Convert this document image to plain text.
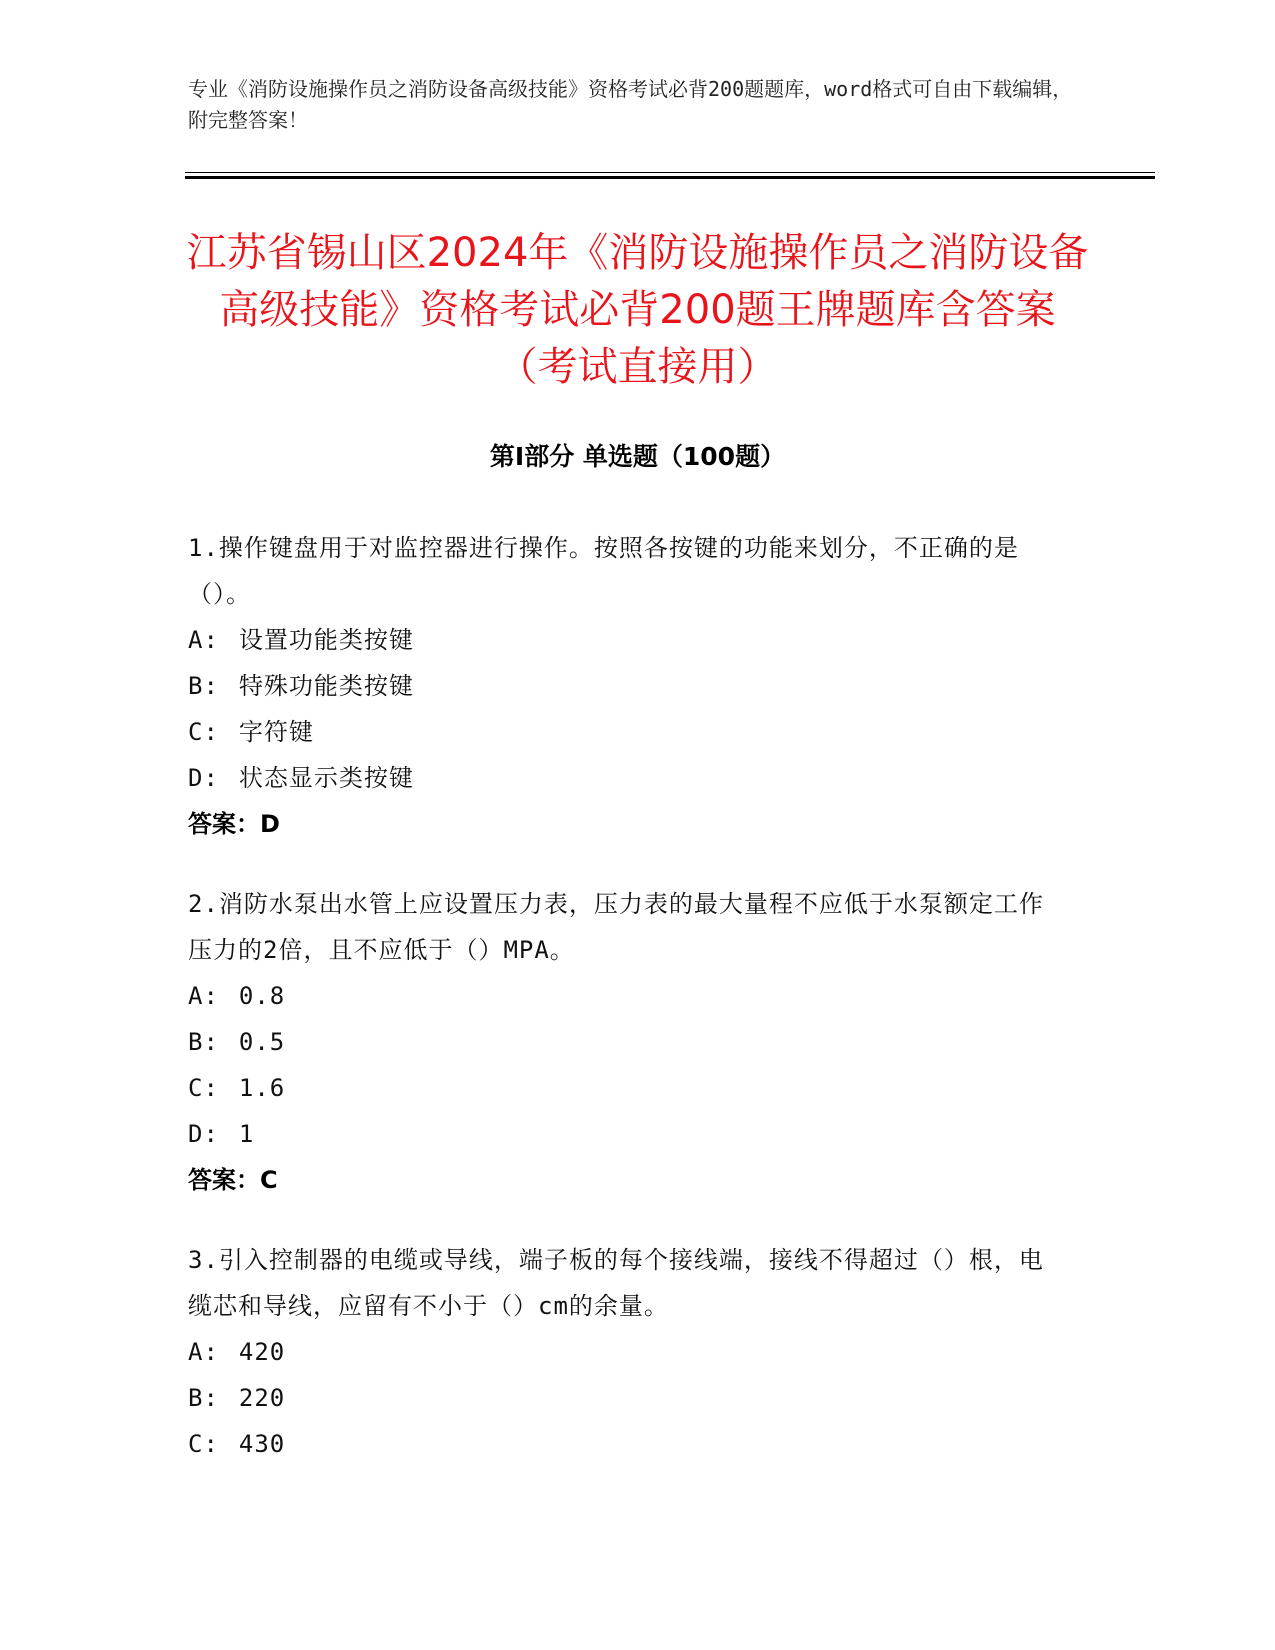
专业《消防设施操作员之消防设备高级技能》资格考试必背200题题库，word格式可自由下载编辑，附完整答案！
江苏省锡山区2024年《消防设施操作员之消防设备高级技能》资格考试必背200题王牌题库含答案（考试直接用）
第Ⅰ部分 单选题（100题）
1.操作键盘用于对监控器进行操作。按照各按键的功能来划分，不正确的是（）。
A: 设置功能类按键
B: 特殊功能类按键
C: 字符键
D: 状态显示类按键
答案：D
2.消防水泵出水管上应设置压力表，压力表的最大量程不应低于水泵额定工作压力的2倍，且不应低于（）MPA。
A: 0.8
B: 0.5
C: 1.6
D: 1
答案：C
3.引入控制器的电缆或导线，端子板的每个接线端，接线不得超过（）根，电缆芯和导线，应留有不小于（）cm的余量。
A: 420
B: 220
C: 430
